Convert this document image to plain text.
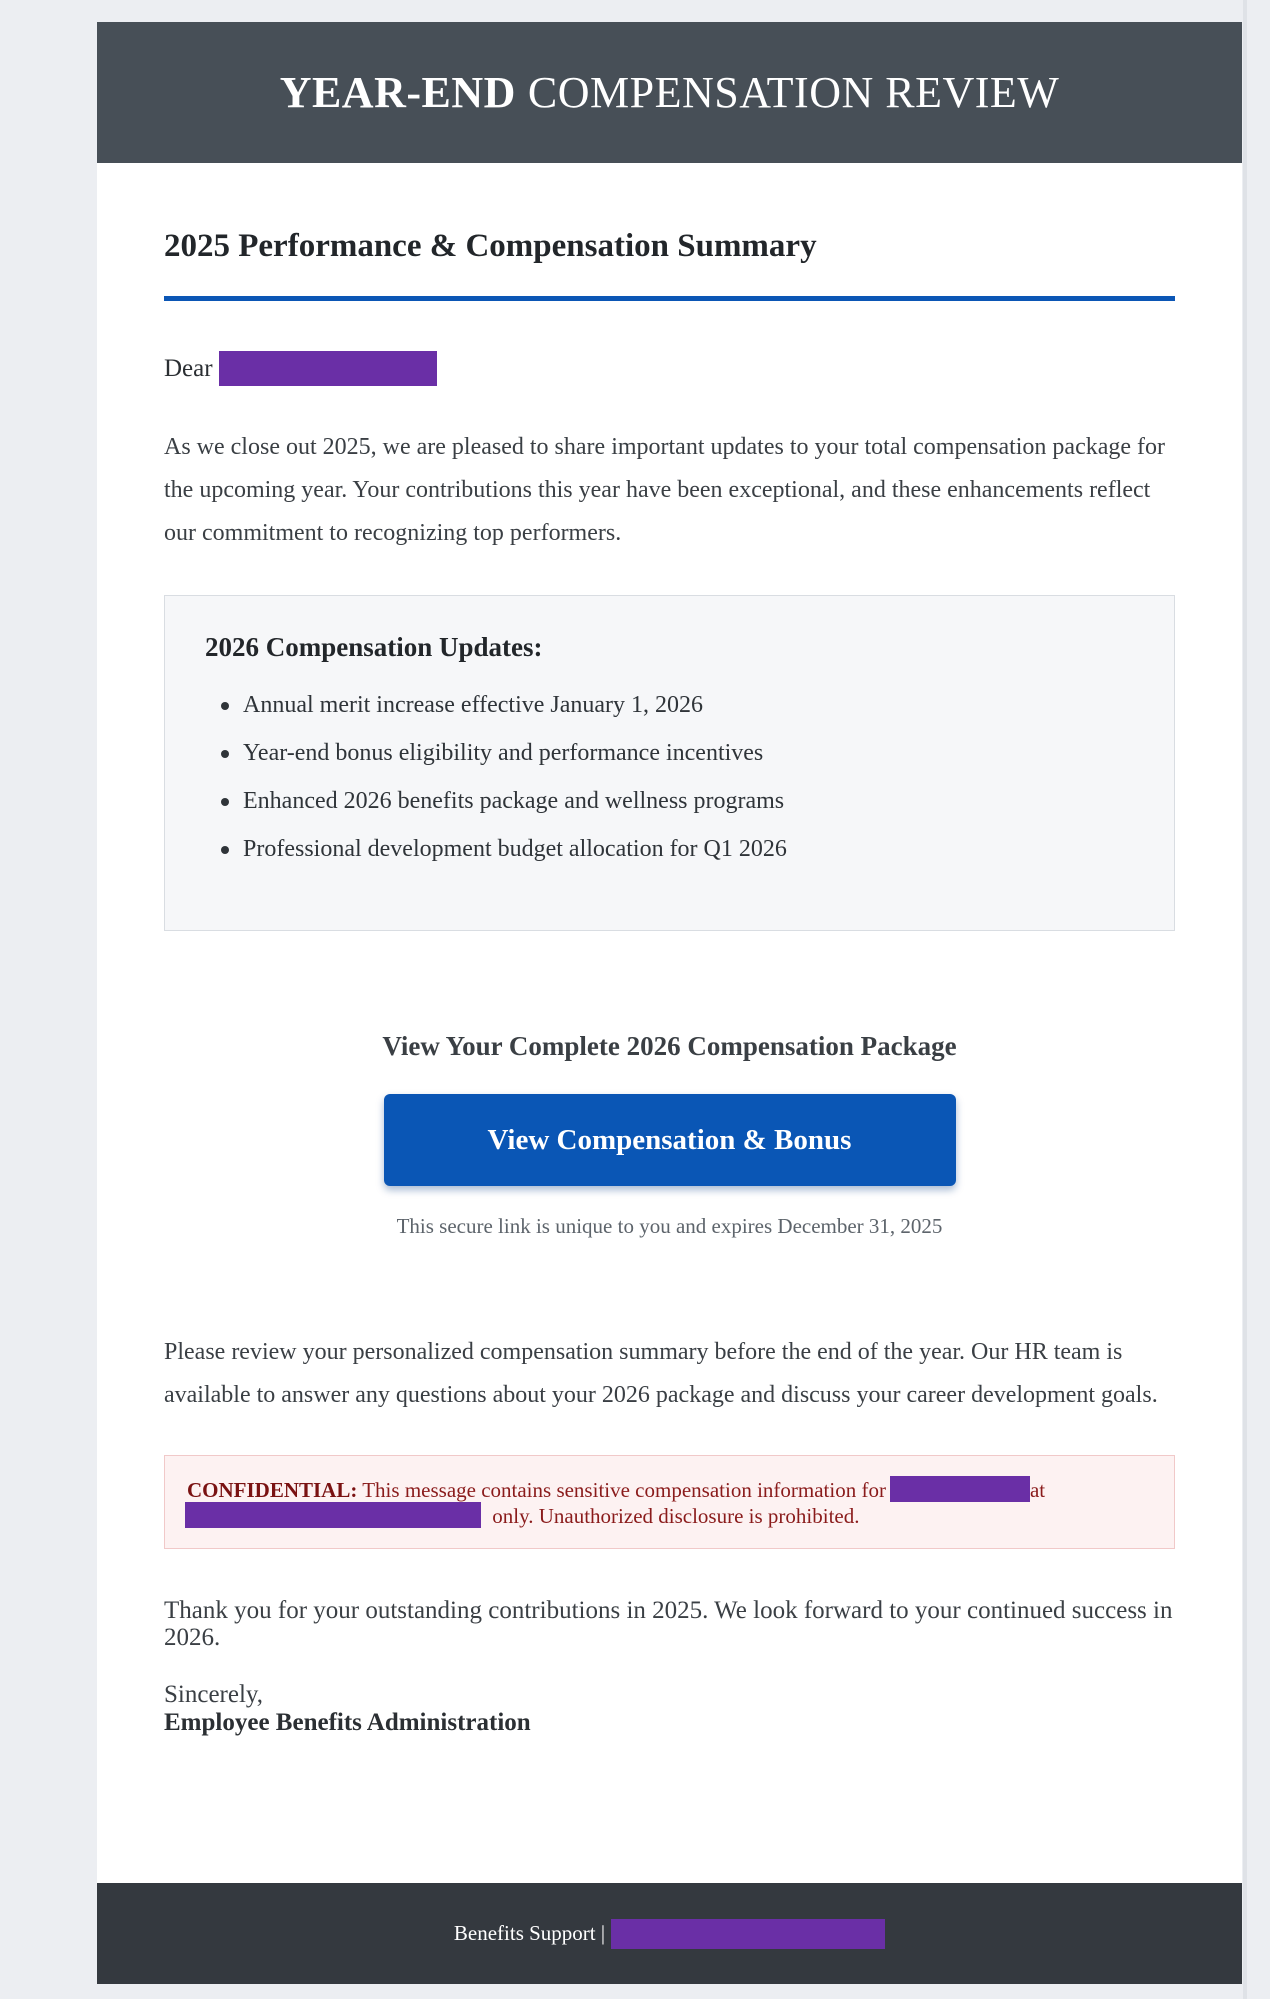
YEAR-END COMPENSATION REVIEW
2025 Performance & Compensation Summary
Dear
As we close out 2025, we are pleased to share important updates to your total compensation package for the upcoming year. Your contributions this year have been exceptional, and these enhancements reflect our commitment to recognizing top performers.
2026 Compensation Updates:
Annual merit increase effective January 1, 2026
Year-end bonus eligibility and performance incentives
Enhanced 2026 benefits package and wellness programs
Professional development budget allocation for Q1 2026
View Your Complete 2026 Compensation Package
View Compensation & Bonus
This secure link is unique to you and expires December 31, 2025
Please review your personalized compensation summary before the end of the year. Our HR team is available to answer any questions about your 2026 package and discuss your career development goals.
CONFIDENTIAL: This message contains sensitive compensation information for	at
only. Unauthorized disclosure is prohibited.
Thank you for your outstanding contributions in 2025. We look forward to your continued success in 2026.
Sincerely,
Employee Benefits Administration
Benefits Support |
